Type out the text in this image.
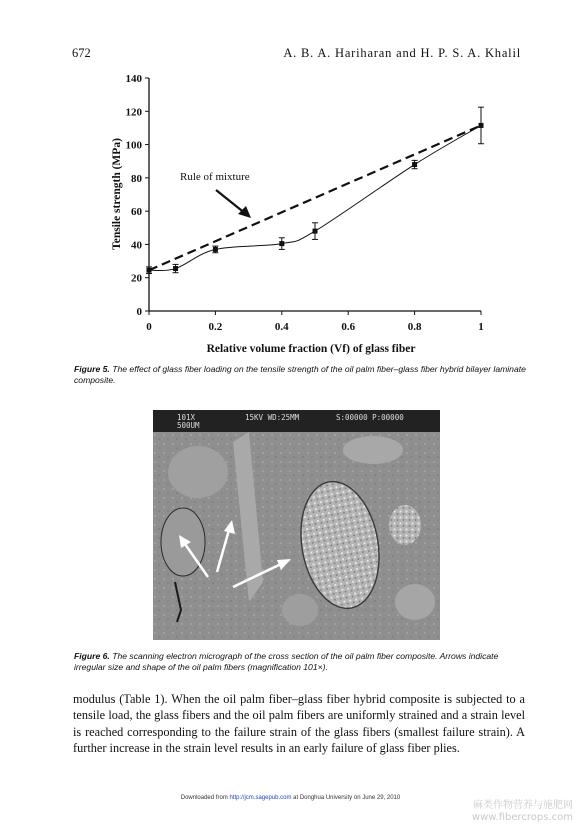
672	A. B. A. Hariharan and H. P. S. A. Khalil
0
20
40
60
80
100
120
140
0	0.2	0.4	0.6	0.8	1
Tensile strength (MPa)
Relative volume fraction (Vf) of glass fiber
Rule of mixture
Figure 5. The effect of glass fiber loading on the tensile strength of the oil palm fiber–glass fiber hybrid bilayer laminate composite.
101X
500UM
15KV WD:25MM	S:00000 P:00000
Figure 6. The scanning electron micrograph of the cross section of the oil palm fiber composite. Arrows indicate irregular size and shape of the oil palm fibers (magnification 101×).
modulus (Table 1). When the oil palm fiber–glass fiber hybrid composite is subjected to a tensile load, the glass fibers and the oil palm fibers are uniformly strained and a strain level is reached corresponding to the failure strain of the glass fibers (smallest failure strain). A further increase in the strain level results in an early failure of glass fiber plies.
Downloaded from http://jcm.sagepub.com at Donghua University on June 29, 2010
麻类作物营养与施肥网
www.fibercrops.com
